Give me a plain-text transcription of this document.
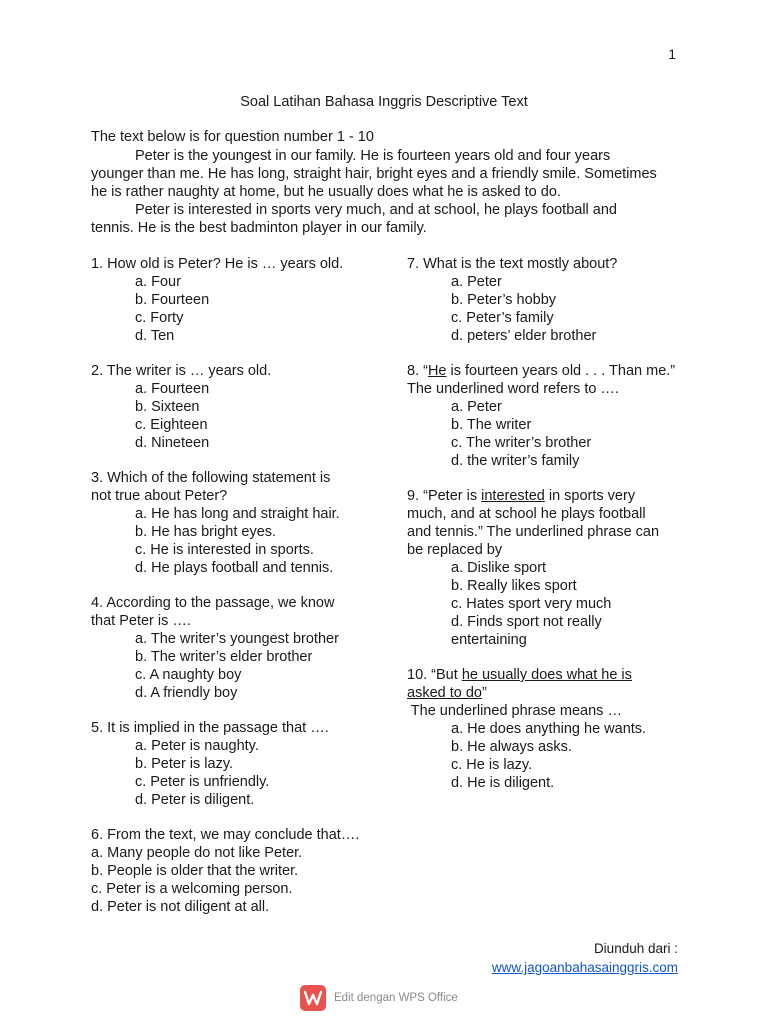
1
Soal Latihan Bahasa Inggris Descriptive Text
The text below is for question number 1 - 10
Peter is the youngest in our family. He is fourteen years old and four years
younger than me. He has long, straight hair, bright eyes and a friendly smile. Sometimes
he is rather naughty at home, but he usually does what he is asked to do.
Peter is interested in sports very much, and at school, he plays football and
tennis. He is the best badminton player in our family.
1. How old is Peter? He is … years old.
a. Four
b. Fourteen
c. Forty
d. Ten
2. The writer is … years old.
a. Fourteen
b. Sixteen
c. Eighteen
d. Nineteen
3. Which of the following statement is
not true about Peter?
a. He has long and straight hair.
b. He has bright eyes.
c. He is interested in sports.
d. He plays football and tennis.
4. According to the passage, we know
that Peter is ….
a. The writer’s youngest brother
b. The writer’s elder brother
c. A naughty boy
d. A friendly boy
5. It is implied in the passage that ….
a. Peter is naughty.
b. Peter is lazy.
c. Peter is unfriendly.
d. Peter is diligent.
6. From the text, we may conclude that….
a. Many people do not like Peter.
b. People is older that the writer.
c. Peter is a welcoming person.
d. Peter is not diligent at all.
7. What is the text mostly about?
a. Peter
b. Peter’s hobby
c. Peter’s family
d. peters’ elder brother
8. “He is fourteen years old . . . Than me.”
The underlined word refers to ….
a. Peter
b. The writer
c. The writer’s brother
d. the writer’s family
9. “Peter is interested in sports very
much, and at school he plays football
and tennis.” The underlined phrase can
be replaced by
a. Dislike sport
b. Really likes sport
c. Hates sport very much
d. Finds sport not really
entertaining
10. “But he usually does what he is
asked to do”
The underlined phrase means …
a. He does anything he wants.
b. He always asks.
c. He is lazy.
d. He is diligent.
Diunduh dari :
www.jagoanbahasainggris.com
Edit dengan WPS Office
